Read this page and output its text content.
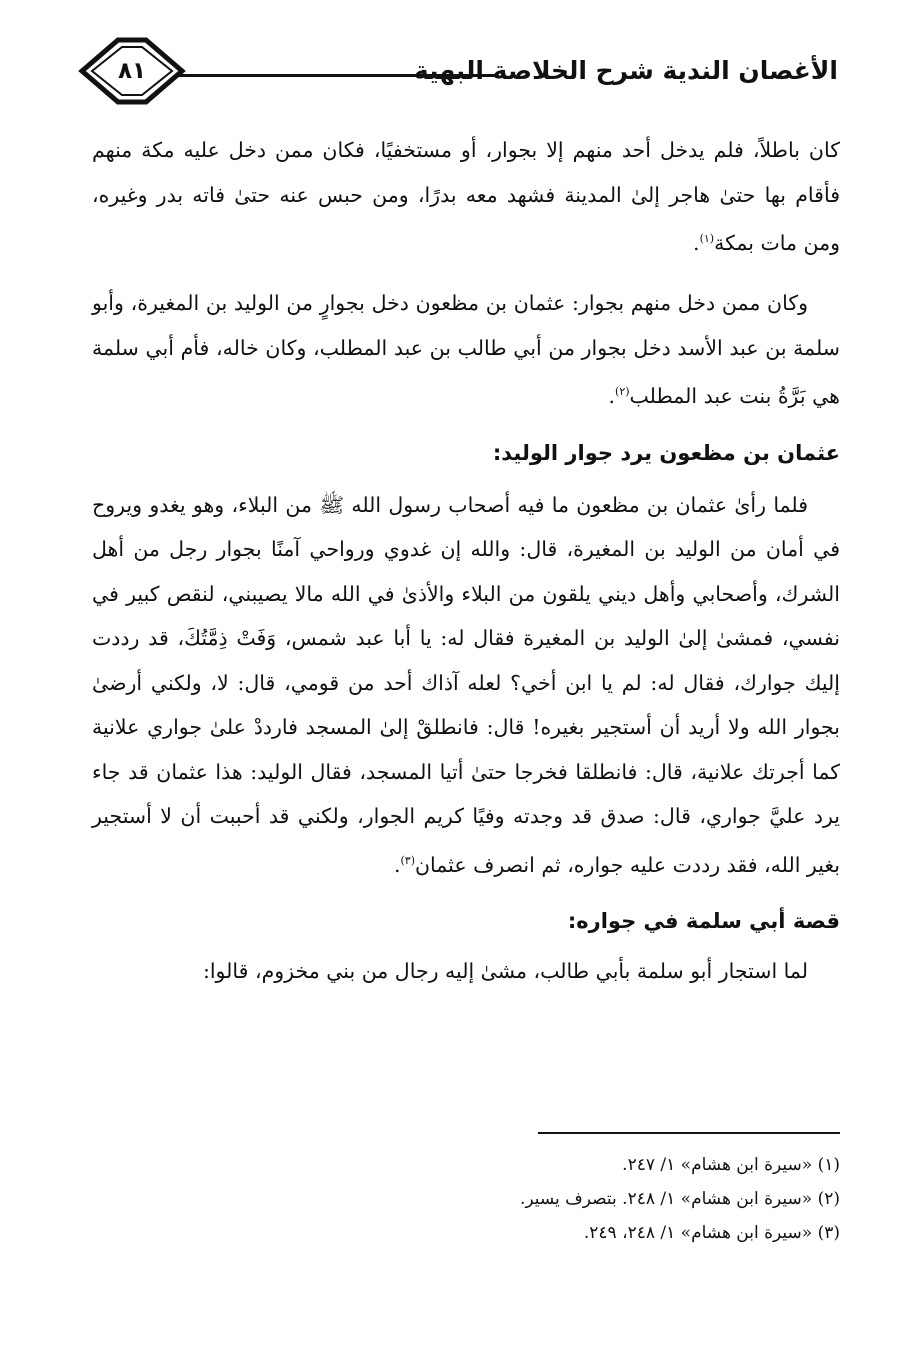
٨١	الأغصان الندية شرح الخلاصة البهية

كان باطلاً، فلم يدخل أحد منهم إلا بجوار، أو مستخفيًا، فكان ممن دخل عليه مكة منهم فأقام بها حتىٰ هاجر إلىٰ المدينة فشهد معه بدرًا، ومن حبس عنه حتىٰ فاته بدر وغيره، ومن مات بمكة$^{(١)}$.

وكان ممن دخل منهم بجوار: عثمان بن مظعون دخل بجوارٍ من الوليد بن المغيرة، وأبو سلمة بن عبد الأسد دخل بجوار من أبي طالب بن عبد المطلب، وكان خاله، فأم أبي سلمة هي بَرَّةُ بنت عبد المطلب$^{(٢)}$.

عثمان بن مظعون يرد جوار الوليد:

فلما رأىٰ عثمان بن مظعون ما فيه أصحاب رسول الله ﷺ من البلاء، وهو يغدو ويروح في أمان من الوليد بن المغيرة، قال: والله إن غدوي ورواحي آمنًا بجوار رجل من أهل الشرك، وأصحابي وأهل ديني يلقون من البلاء والأذىٰ في الله مالا يصيبني، لنقص كبير في نفسي، فمشىٰ إلىٰ الوليد بن المغيرة فقال له: يا أبا عبد شمس، وَفَتْ ذِمَّتُكَ، قد رددت إليك جوارك، فقال له: لم يا ابن أخي؟ لعله آذاك أحد من قومي، قال: لا، ولكني أرضىٰ بجوار الله ولا أريد أن أستجير بغيره! قال: فانطلقْ إلىٰ المسجد فارددْ علىٰ جواري علانية كما أجرتك علانية، قال: فانطلقا فخرجا حتىٰ أتيا المسجد، فقال الوليد: هذا عثمان قد جاء يرد عليَّ جواري، قال: صدق قد وجدته وفيًا كريم الجوار، ولكني قد أحببت أن لا أستجير بغير الله، فقد رددت عليه جواره، ثم انصرف عثمان$^{(٣)}$.

قصة أبي سلمة في جواره:

لما استجار أبو سلمة بأبي طالب، مشىٰ إليه رجال من بني مخزوم، قالوا:

(١) «سيرة ابن هشام» ١/ ٢٤٧.

(٢) «سيرة ابن هشام» ١/ ٢٤٨. بتصرف يسير.

(٣) «سيرة ابن هشام» ١/ ٢٤٨، ٢٤٩.
